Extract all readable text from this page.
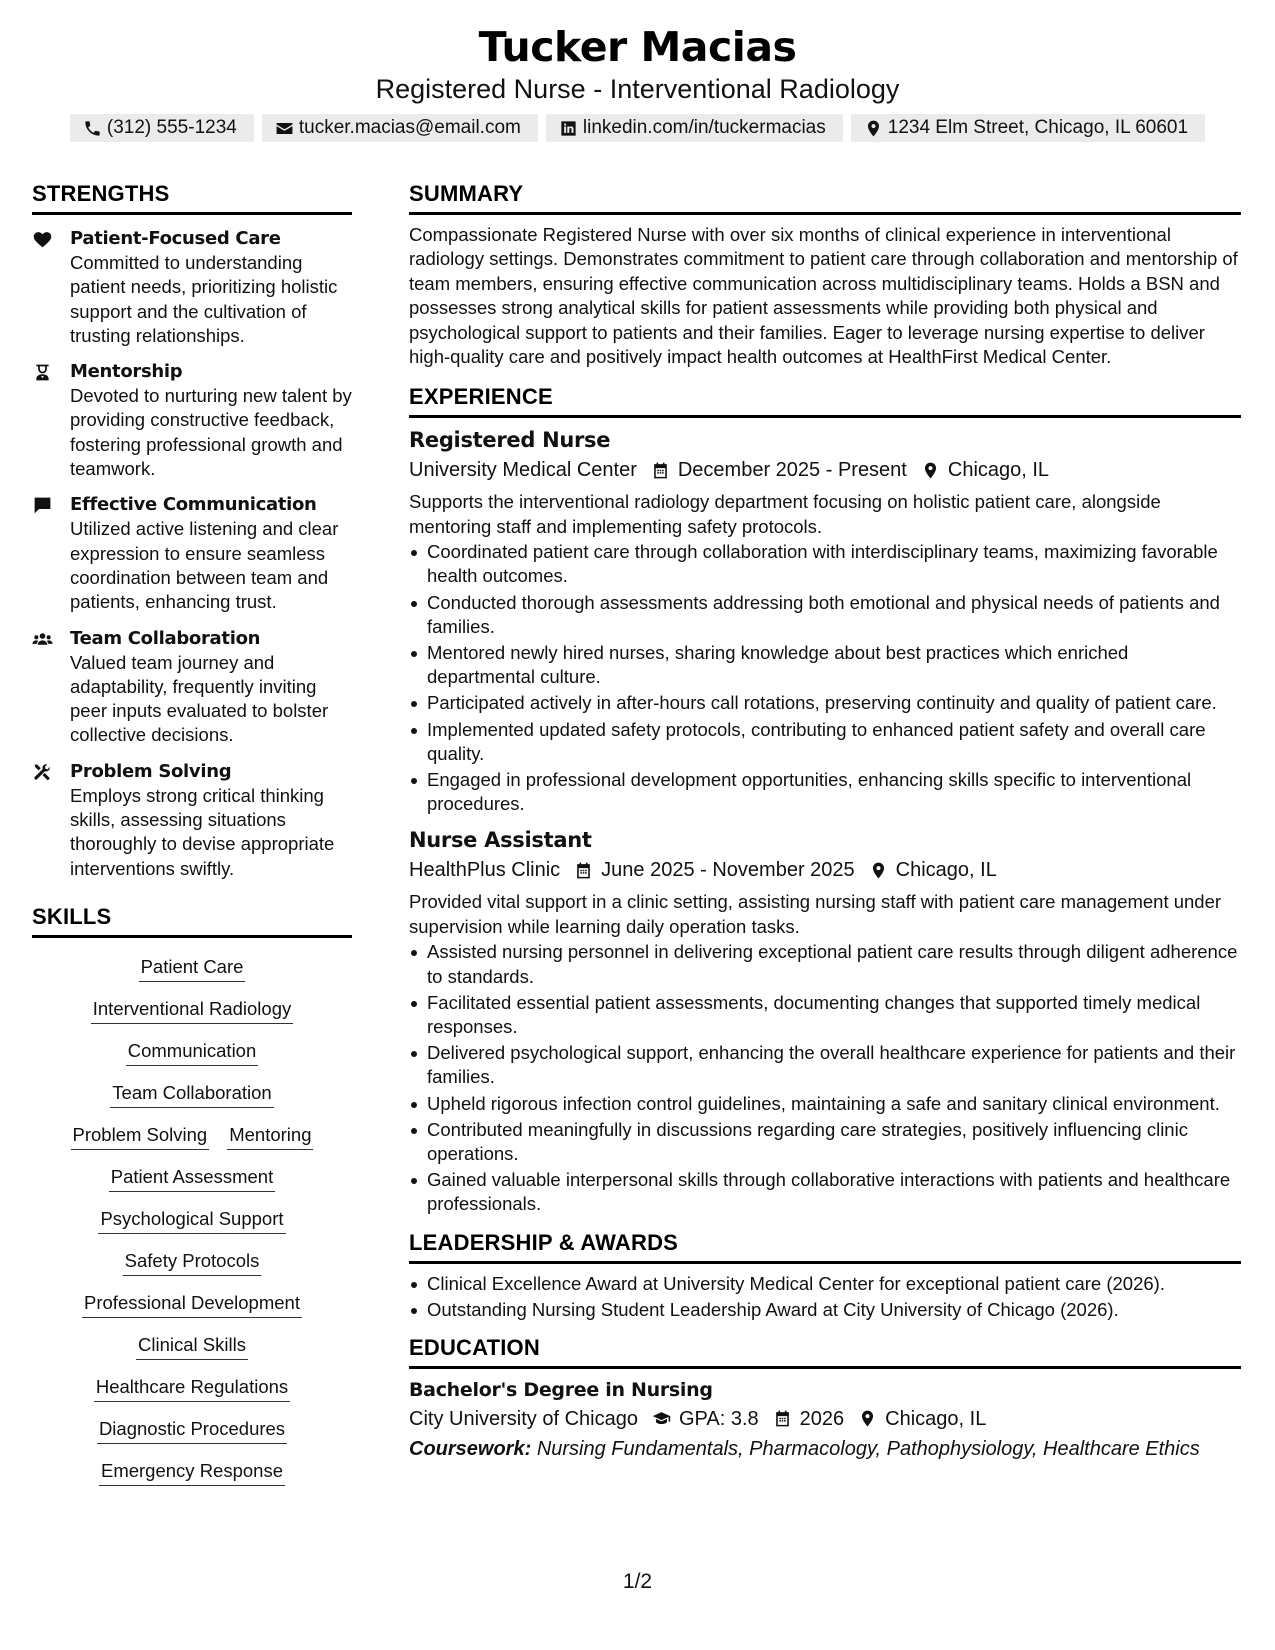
Tucker Macias
Registered Nurse - Interventional Radiology
(312) 555-1234	tucker.macias@email.com	linkedin.com/in/tuckermacias	1234 Elm Street, Chicago, IL 60601
STRENGTHS
Patient-Focused Care
Committed to understanding patient needs, prioritizing holistic support and the cultivation of trusting relationships.
Mentorship
Devoted to nurturing new talent by providing constructive feedback, fostering professional growth and teamwork.
Effective Communication
Utilized active listening and clear expression to ensure seamless coordination between team and patients, enhancing trust.
Team Collaboration
Valued team journey and adaptability, frequently inviting peer inputs evaluated to bolster collective decisions.
Problem Solving
Employs strong critical thinking skills, assessing situations thoroughly to devise appropriate interventions swiftly.
SKILLS
Patient Care
Interventional Radiology
Communication
Team Collaboration
Problem Solving Mentoring
Patient Assessment
Psychological Support
Safety Protocols
Professional Development
Clinical Skills
Healthcare Regulations
Diagnostic Procedures
Emergency Response
SUMMARY
Compassionate Registered Nurse with over six months of clinical experience in interventional radiology settings. Demonstrates commitment to patient care through collaboration and mentorship of team members, ensuring effective communication across multidisciplinary teams. Holds a BSN and possesses strong analytical skills for patient assessments while providing both physical and psychological support to patients and their families. Eager to leverage nursing expertise to deliver high-quality care and positively impact health outcomes at HealthFirst Medical Center.
EXPERIENCE
Registered Nurse
University Medical Center December 2025 - Present Chicago, IL
Supports the interventional radiology department focusing on holistic patient care, alongside mentoring staff and implementing safety protocols.
Coordinated patient care through collaboration with interdisciplinary teams, maximizing favorable health outcomes.
Conducted thorough assessments addressing both emotional and physical needs of patients and families.
Mentored newly hired nurses, sharing knowledge about best practices which enriched departmental culture.
Participated actively in after-hours call rotations, preserving continuity and quality of patient care.
Implemented updated safety protocols, contributing to enhanced patient safety and overall care quality.
Engaged in professional development opportunities, enhancing skills specific to interventional procedures.
Nurse Assistant
HealthPlus Clinic June 2025 - November 2025 Chicago, IL
Provided vital support in a clinic setting, assisting nursing staff with patient care management under supervision while learning daily operation tasks.
Assisted nursing personnel in delivering exceptional patient care results through diligent adherence to standards.
Facilitated essential patient assessments, documenting changes that supported timely medical responses.
Delivered psychological support, enhancing the overall healthcare experience for patients and their families.
Upheld rigorous infection control guidelines, maintaining a safe and sanitary clinical environment.
Contributed meaningfully in discussions regarding care strategies, positively influencing clinic operations.
Gained valuable interpersonal skills through collaborative interactions with patients and healthcare professionals.
LEADERSHIP & AWARDS
Clinical Excellence Award at University Medical Center for exceptional patient care (2026).
Outstanding Nursing Student Leadership Award at City University of Chicago (2026).
EDUCATION
Bachelor's Degree in Nursing
City University of Chicago GPA: 3.8 2026 Chicago, IL
Coursework: Nursing Fundamentals, Pharmacology, Pathophysiology, Healthcare Ethics
1/2
